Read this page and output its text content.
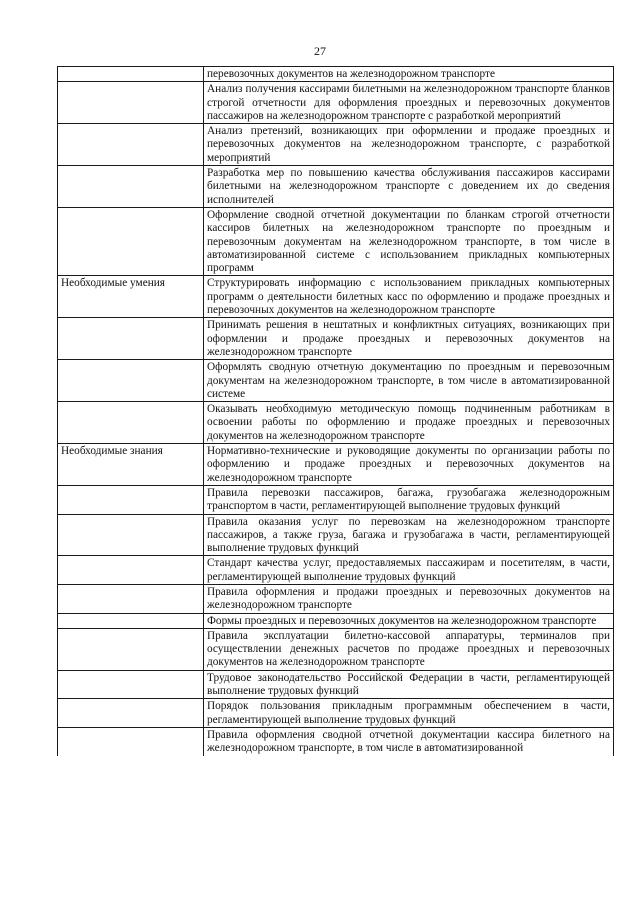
27
	перевозочных документов на железнодорожном транспорте
	Анализ получения кассирами билетными на железнодорожном транспорте бланков строгой отчетности для оформления проездных и перевозочных документов пассажиров на железнодорожном транспорте с разработкой мероприятий
	Анализ претензий, возникающих при оформлении и продаже проездных и перевозочных документов на железнодорожном транспорте, с разработкой мероприятий
	Разработка мер по повышению качества обслуживания пассажиров кассирами билетными на железнодорожном транспорте с доведением их до сведения исполнителей
	Оформление сводной отчетной документации по бланкам строгой отчетности кассиров билетных на железнодорожном транспорте по проездным и перевозочным документам на железнодорожном транспорте, в том числе в автоматизированной системе с использованием прикладных компьютерных программ
Необходимые умения	Структурировать информацию с использованием прикладных компьютерных программ о деятельности билетных касс по оформлению и продаже проездных и перевозочных документов на железнодорожном транспорте
	Принимать решения в нештатных и конфликтных ситуациях, возникающих при оформлении и продаже проездных и перевозочных документов на железнодорожном транспорте
	Оформлять сводную отчетную документацию по проездным и перевозочным документам на железнодорожном транспорте, в том числе в автоматизированной системе
	Оказывать необходимую методическую помощь подчиненным работникам в освоении работы по оформлению и продаже проездных и перевозочных документов на железнодорожном транспорте
Необходимые знания	Нормативно-технические и руководящие документы по организации работы по оформлению и продаже проездных и перевозочных документов на железнодорожном транспорте
	Правила перевозки пассажиров, багажа, грузобагажа железнодорожным транспортом в части, регламентирующей выполнение трудовых функций
	Правила оказания услуг по перевозкам на железнодорожном транспорте пассажиров, а также груза, багажа и грузобагажа в части, регламентирующей выполнение трудовых функций
	Стандарт качества услуг, предоставляемых пассажирам и посетителям, в части, регламентирующей выполнение трудовых функций
	Правила оформления и продажи проездных и перевозочных документов на железнодорожном транспорте
	Формы проездных и перевозочных документов на железнодорожном транспорте
	Правила эксплуатации билетно-кассовой аппаратуры, терминалов при осуществлении денежных расчетов по продаже проездных и перевозочных документов на железнодорожном транспорте
	Трудовое законодательство Российской Федерации в части, регламентирующей выполнение трудовых функций
	Порядок пользования прикладным программным обеспечением в части, регламентирующей выполнение трудовых функций
	Правила оформления сводной отчетной документации кассира билетного на железнодорожном транспорте, в том числе в автоматизированной
